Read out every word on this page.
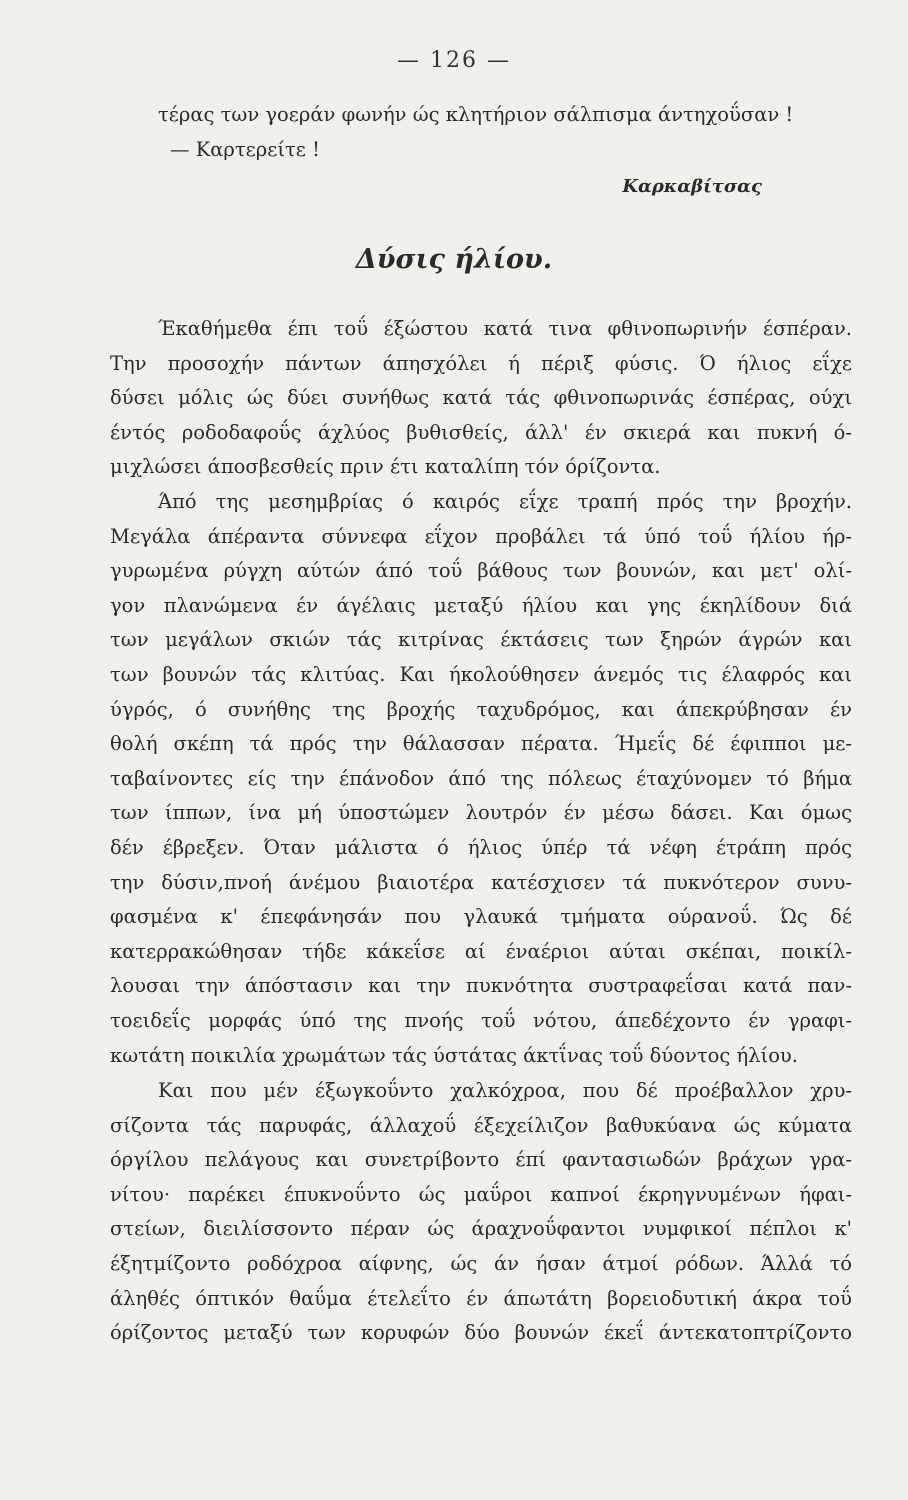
— 126 —
τέρας των γοεράν φωνήν ώς κλητήριον σάλπισμα άντηχοΰσαν !
— Καρτερείτε !
Καρκαβίτσας
Δύσις ήλίου.
Έκαθήμεθα έπι τοΰ έξώστου κατά τινα φθινοπωρινήν έσπέραν.
Την προσοχήν πάντων άπησχόλει ή πέριξ φύσις. Ό ήλιος εΐχε
δύσει μόλις ώς δύει συνήθως κατά τάς φθινοπωρινάς έσπέρας, ούχι
έντός ροδοδαφοΰς άχλύος βυθισθείς, άλλ' έν σκιερά και πυκνή ό-
μιχλώσει άποσβεσθείς πριν έτι καταλίπη τόν όρίζοντα.
Άπό της μεσημβρίας ό καιρός εΐχε τραπή πρός την βροχήν.
Μεγάλα άπέραντα σύννεφα εΐχον προβάλει τά ύπό τοΰ ήλίου ήρ-
γυρωμένα ρύγχη αύτών άπό τοΰ βάθους των βουνών, και μετ' ολί-
γον πλανώμενα έν άγέλαις μεταξύ ήλίου και γης έκηλίδουν διά
των μεγάλων σκιών τάς κιτρίνας έκτάσεις των ξηρών άγρών και
των βουνών τάς κλιτύας. Και ήκολούθησεν άνεμός τις έλαφρός και
ύγρός, ό συνήθης της βροχής ταχυδρόμος, και άπεκρύβησαν έν
θολή σκέπη τά πρός την θάλασσαν πέρατα. Ήμεΐς δέ έφιπποι με-
ταβαίνοντες είς την έπάνοδον άπό της πόλεως έταχύνομεν τό βήμα
των ίππων, ίνα μή ύποστώμεν λουτρόν έν μέσω δάσει. Και όμως
δέν έβρεξεν. Όταν μάλιστα ό ήλιος ύπέρ τά νέφη έτράπη πρός
την δύσιν,πνοή άνέμου βιαιοτέρα κατέσχισεν τά πυκνότερον συνυ-
φασμένα κ' έπεφάνησάν που γλαυκά τμήματα ούρανοΰ. Ώς δέ
κατερρακώθησαν τήδε κάκεΐσε αί έναέριοι αύται σκέπαι, ποικίλ-
λουσαι την άπόστασιν και την πυκνότητα συστραφεΐσαι κατά παν-
τοειδεΐς μορφάς ύπό της πνοής τοΰ νότου, άπεδέχοντο έν γραφι-
κωτάτη ποικιλία χρωμάτων τάς ύστάτας άκτΐνας τοΰ δύοντος ήλίου.
Και που μέν έξωγκοΰντο χαλκόχροα, που δέ προέβαλλον χρυ-
σίζοντα τάς παρυφάς, άλλαχοΰ έξεχείλιζον βαθυκύανα ώς κύματα
όργίλου πελάγους και συνετρίβοντο έπί φαντασιωδών βράχων γρα-
νίτου· παρέκει έπυκνοΰντο ώς μαΰροι καπνοί έκρηγνυμένων ήφαι-
στείων, διειλίσσοντο πέραν ώς άραχνοΰφαντοι νυμφικοί πέπλοι κ'
έξητμίζοντο ροδόχροα αίφνης, ώς άν ήσαν άτμοί ρόδων. Άλλά τό
άληθές όπτικόν θαΰμα έτελεΐτο έν άπωτάτη βορειοδυτική άκρα τοΰ
όρίζοντος μεταξύ των κορυφών δύο βουνών έκεΐ άντεκατοπτρίζοντο
